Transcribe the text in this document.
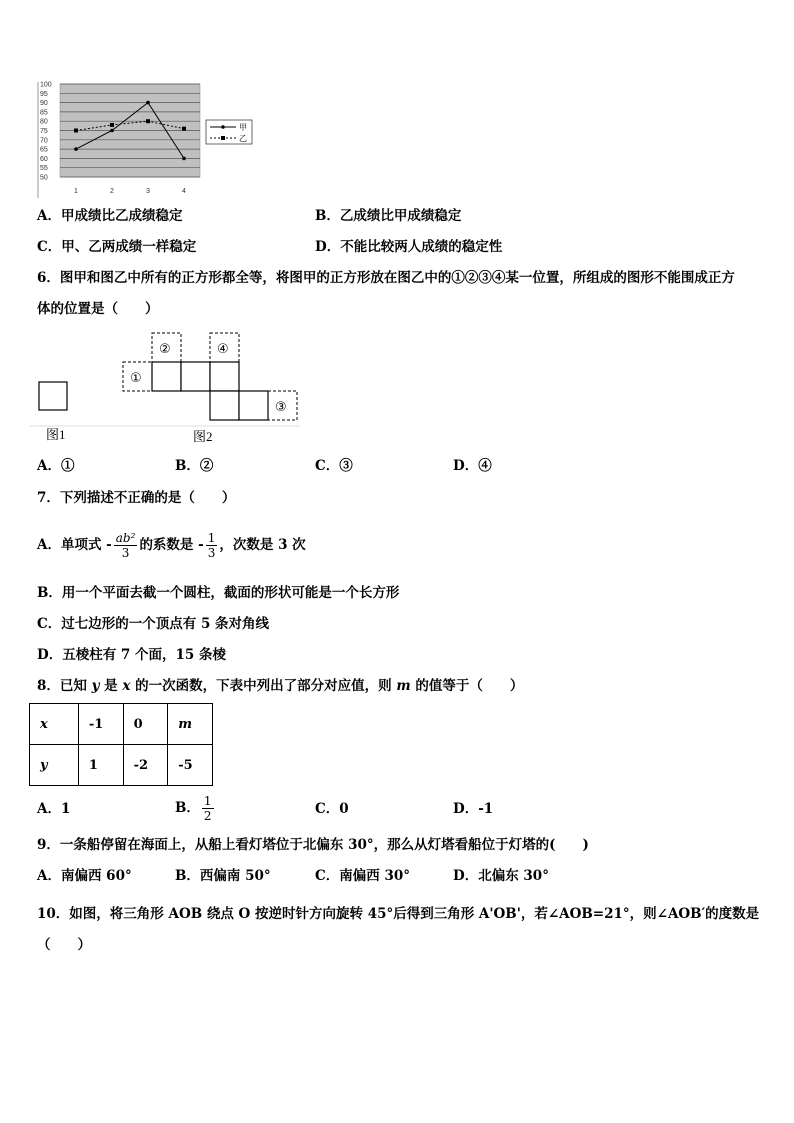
100
95
90
85
80
75
70
65
60
55
50
1	2	3	4
甲
乙
A．甲成绩比乙成绩稳定	B．乙成绩比甲成绩稳定
C．甲、乙两成绩一样稳定	D．不能比较两人成绩的稳定性
6．图甲和图乙中所有的正方形都全等，将图甲的正方形放在图乙中的①②③④某一位置，所组成的图形不能围成正方
体的位置是（　　）
图1
①
②
③
④
图2
A．①	B．②	C．③	D．④
7．下列描述不正确的是（　　）
A．单项式 - $\frac{\text{ab²}}{3}$ 的系数是 - $\frac{1}{3}$ ，次数是 3 次
B．用一个平面去截一个圆柱，截面的形状可能是一个长方形
C．过七边形的一个顶点有 5 条对角线
D．五棱柱有 7 个面，15 条棱
8．已知 y 是 x 的一次函数，下表中列出了部分对应值，则 m 的值等于（　　）
x	-1	0	m
y	1	-2	-5
A．1	B． $\frac{1}{2}$	C．0	D．-1
9．一条船停留在海面上，从船上看灯塔位于北偏东 30°，那么从灯塔看船位于灯塔的(　　)
A．南偏西 60°	B．西偏南 50°	C．南偏西 30°	D．北偏东 30°
10．如图，将三角形 AOB 绕点 O 按逆时针方向旋转 45°后得到三角形 A'OB'，若∠AOB=21°，则∠AOB′的度数是
（　　）
